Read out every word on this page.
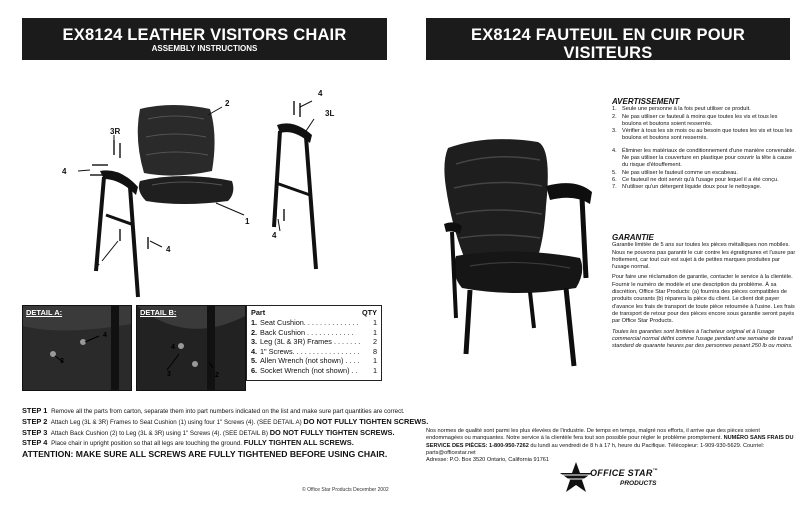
EX8124 LEATHER VISITORS CHAIR
ASSEMBLY INSTRUCTIONS
2
4
3L
3R
4
1
4
4
4
DETAIL A:
4
3
DETAIL B:
4
3	2
Part	QTY
1. Seat Cushion. . . . . . . . . . . . . .	1
2. Back Cushion . . . . . . . . . . . .	1
3. Leg (3L & 3R) Frames . . . . . . .	2
4. 1" Screws. . . . . . . . . . . . . . . . .	8
5. Allen Wrench (not shown) . . . .	1
6. Socket Wrench (not shown) . .	1
STEP 1 Remove all the parts from carton, separate them into part numbers indicated on the list and make sure part quantities are correct.
STEP 2 Attach Leg (3L & 3R) Frames to Seat Cushion (1) using four 1" Screws (4). (SEE DETAIL A) DO NOT FULLY TIGHTEN SCREWS.
STEP 3 Attach Back Cushion (2) to Leg (3L & 3R) using 1" Screws (4). (SEE DETAIL B) DO NOT FULLY TIGHTEN SCREWS.
STEP 4 Place chair in upright position so that all legs are touching the ground. FULLY TIGHTEN ALL SCREWS.
ATTENTION: MAKE SURE ALL SCREWS ARE FULLY TIGHTENED BEFORE USING CHAIR.
© Office Star Products December 2002
EX8124 FAUTEUIL EN CUIR POUR VISITEURS
MODE D'EMPLOI
AVERTISSEMENT
1. Seule une personne à la fois peut utiliser ce produit.
2. Ne pas utiliser ce fauteuil à moins que toutes les vis et tous les boulons et boutons soient resserrés.
3. Vérifier à tous les six mois ou au besoin que toutes les vis et tous les boulons et boutons sont resserrés.
4. Éliminer les matériaux de conditionnement d'une manière convenable. Ne pas utiliser la couverture en plastique pour couvrir la tête à cause du risque d'étouffement.
5. Ne pas utiliser le fauteuil comme un escabeau.
6. Ce fauteuil ne doit servir qu'à l'usage pour lequel il a été conçu.
7. N'utiliser qu'un détergent liquide doux pour le nettoyage.
GARANTIE

Garantie limitée de 5 ans sur toutes les pièces métalliques non mobiles. Nous ne pouvons pas garantir le cuir contre les égratignures et l'usure par frottement, car tout cuir est sujet à de petites marques produites par l'usage normal.

Pour faire une réclamation de garantie, contacter le service à la clientèle. Fournir le numéro de modèle et une description du problème. À sa discrétion, Office Star Products: (a) fournira des pièces compatibles de produits courants (b) réparera la pièce du client. Le client doit payer d'avance les frais de transport de toute pièce retournée à l'usine. Les frais de transport de retour pour des pièces encore sous garantie seront payés par Office Star Products.

Toutes les garanties sont limitées à l'acheteur original et à l'usage commercial normal défini comme l'usage pendant une semaine de travail standard de quarante heures par des personnes pesant 250 lb ou moins.

Nos normes de qualité sont parmi les plus élevées de l'industrie. De temps en temps, malgré nos efforts, il arrive que des pièces soient endommagées ou manquantes. Notre service à la clientèle fera tout son possible pour régler le problème promptement. NUMÉRO SANS FRAIS DU SERVICE DES PIÈCES: 1-800-950-7262 du lundi au vendredi de 8 h à 17 h, heure du Pacifique. Télécopieur: 1-909-930-5629. Courriel: parts@officestar.net
Adresse: P.O. Box 3520 Ontario, California 91761
OFFICE STAR™
PRODUCTS
